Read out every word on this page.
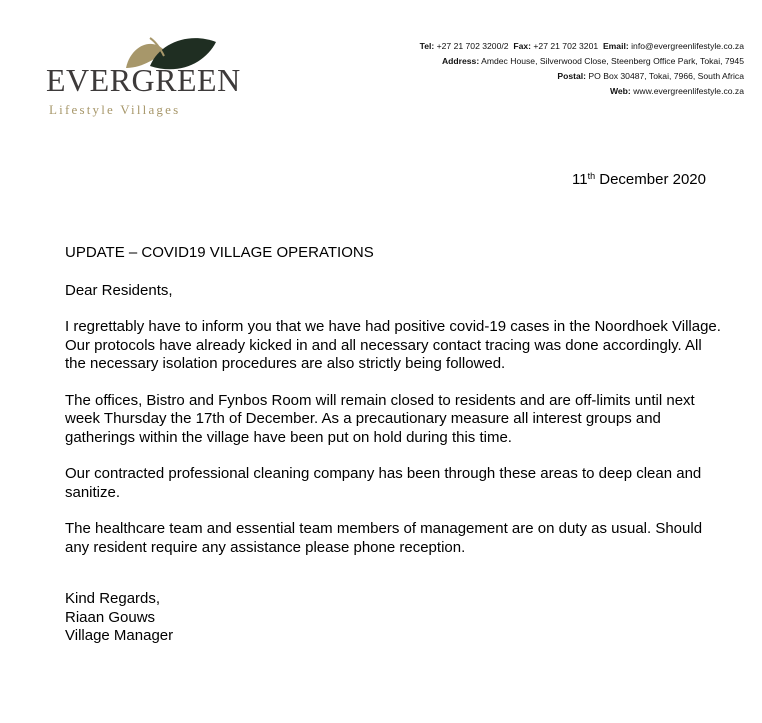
EVERGREEN
Lifestyle Villages
Tel: +27 21 702 3200/2 Fax: +27 21 702 3201 Email: info@evergreenlifestyle.co.za
Address: Amdec House, Silverwood Close, Steenberg Office Park, Tokai, 7945
Postal: PO Box 30487, Tokai, 7966, South Africa
Web: www.evergreenlifestyle.co.za
11th December 2020

UPDATE – COVID19 VILLAGE OPERATIONS

Dear Residents,

I regrettably have to inform you that we have had positive covid-19 cases in the Noordhoek Village. Our protocols have already kicked in and all necessary contact tracing was done accordingly. All the necessary isolation procedures are also strictly being followed.

The offices, Bistro and Fynbos Room will remain closed to residents and are off-limits until next week Thursday the 17th of December. As a precautionary measure all interest groups and gatherings within the village have been put on hold during this time.

Our contracted professional cleaning company has been through these areas to deep clean and sanitize.

The healthcare team and essential team members of management are on duty as usual. Should any resident require any assistance please phone reception.

Kind Regards,

Riaan Gouws

Village Manager
